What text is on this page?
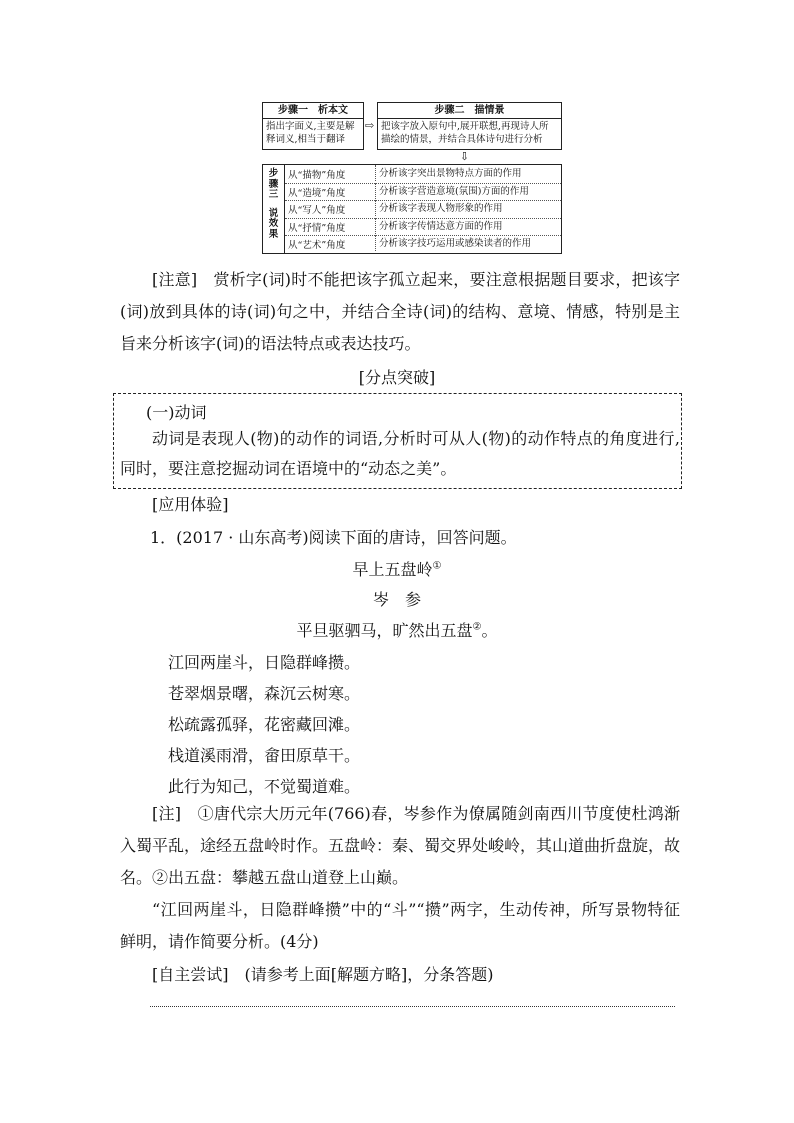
步骤一　析本文
指出字面义,主要是解释词义,相当于翻译
⇨
步骤二　描情景
把该字放入原句中,展开联想,再现诗人所描绘的情景，并结合具体诗句进行分析
⇩
步
骤
三
说
效
果
从“描物”角度	分析该字突出景物特点方面的作用
从“造境”角度	分析该字营造意境(氛围)方面的作用
从“写人”角度	分析该字表现人物形象的作用
从“抒情”角度	分析该字传情达意方面的作用
从“艺术”角度	分析该字技巧运用或感染读者的作用
[注意]　赏析字(词)时不能把该字孤立起来，要注意根据题目要求，把该字(词)放到具体的诗(词)句之中，并结合全诗(词)的结构、意境、情感，特别是主旨来分析该字(词)的语法特点或表达技巧。
[分点突破]
(一)动词
动词是表现人(物)的动作的词语,分析时可从人(物)的动作特点的角度进行,同时，要注意挖掘动词在语境中的“动态之美”。
[应用体验]
1．(2017 · 山东高考)阅读下面的唐诗，回答问题。
早上五盘岭①
岑　参
平旦驱驷马，旷然出五盘②。
江回两崖斗，日隐群峰攒。
苍翠烟景曙，森沉云树寒。
松疏露孤驿，花密藏回滩。
栈道溪雨滑，畲田原草干。
此行为知己，不觉蜀道难。
[注]　①唐代宗大历元年(766)春，岑参作为僚属随剑南西川节度使杜鸿渐入蜀平乱，途经五盘岭时作。五盘岭：秦、蜀交界处峻岭，其山道曲折盘旋，故名。②出五盘：攀越五盘山道登上山巅。
“江回两崖斗，日隐群峰攒”中的“斗”“攒”两字，生动传神，所写景物特征鲜明，请作简要分析。(4分)
[自主尝试]　(请参考上面[解题方略]，分条答题)
